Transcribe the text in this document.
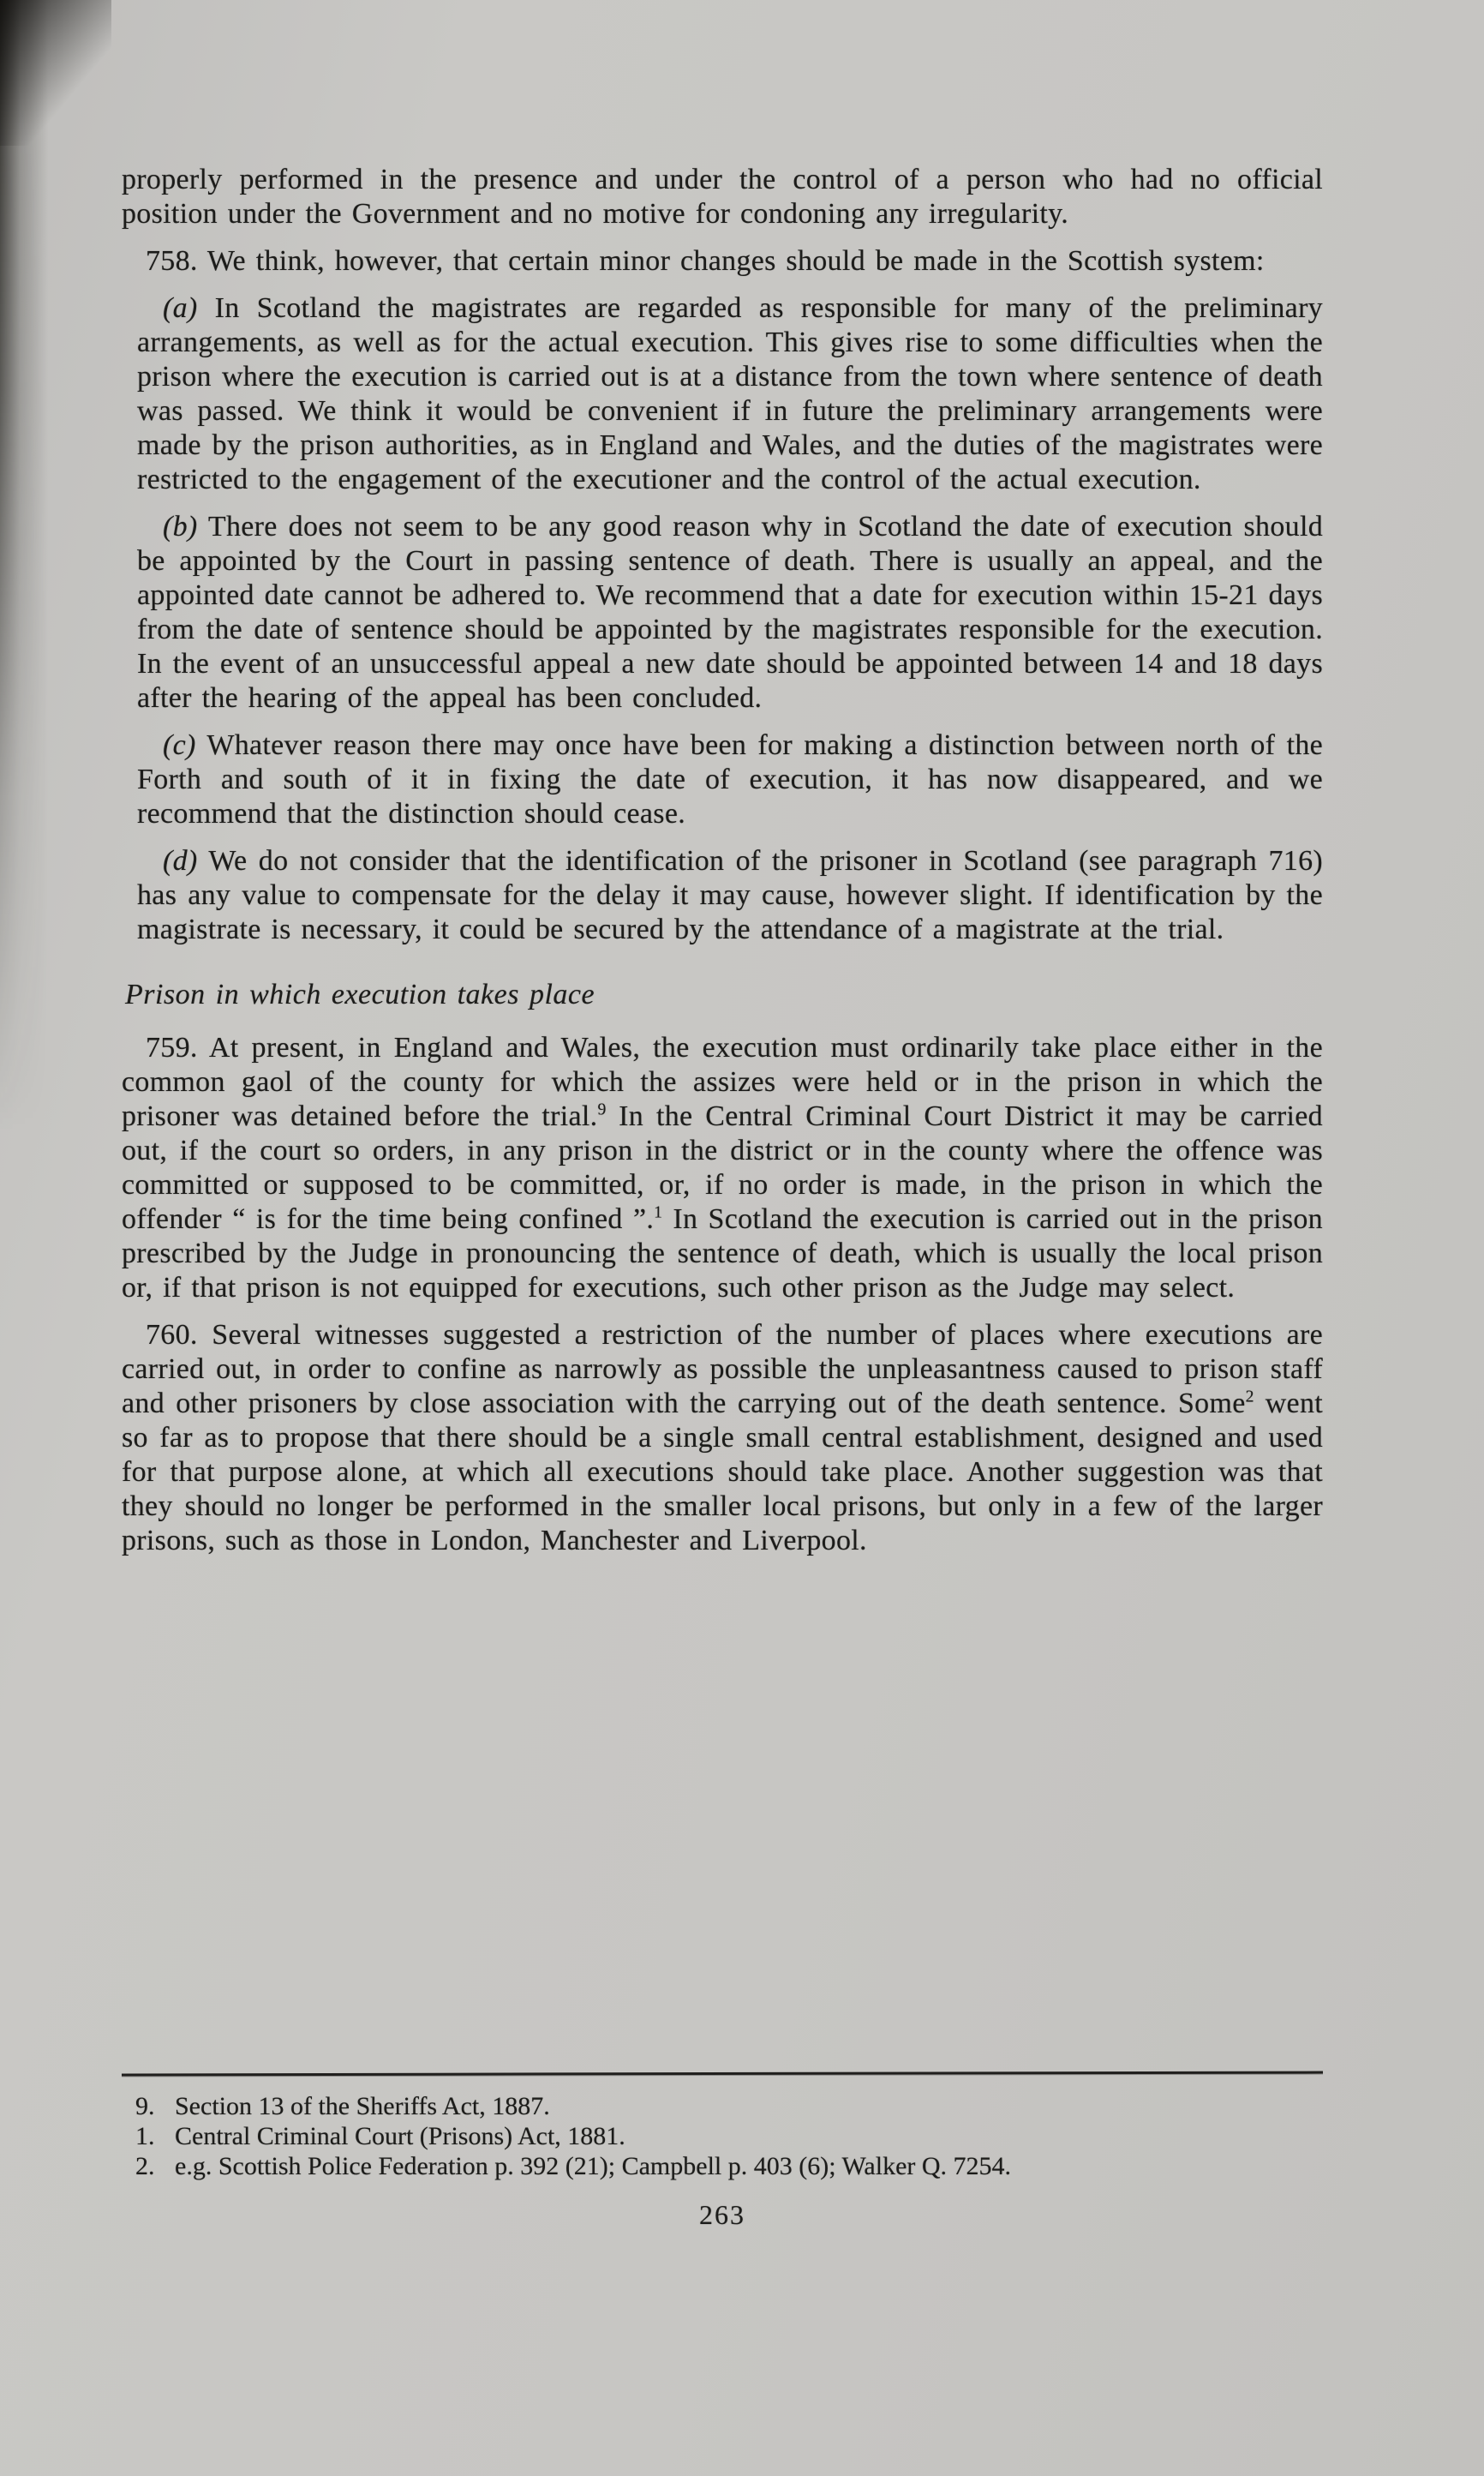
properly performed in the presence and under the control of a person who had no official position under the Government and no motive for condoning any irregularity.

758. We think, however, that certain minor changes should be made in the Scottish system:

(a) In Scotland the magistrates are regarded as responsible for many of the preliminary arrangements, as well as for the actual execution. This gives rise to some difficulties when the prison where the execution is carried out is at a distance from the town where sentence of death was passed. We think it would be convenient if in future the preliminary arrangements were made by the prison authorities, as in England and Wales, and the duties of the magistrates were restricted to the engagement of the executioner and the control of the actual execution.

(b) There does not seem to be any good reason why in Scotland the date of execution should be appointed by the Court in passing sentence of death. There is usually an appeal, and the appointed date cannot be adhered to. We recommend that a date for execution within 15-21 days from the date of sentence should be appointed by the magistrates responsible for the execution. In the event of an unsuccessful appeal a new date should be appointed between 14 and 18 days after the hearing of the appeal has been concluded.

(c) Whatever reason there may once have been for making a distinction between north of the Forth and south of it in fixing the date of execution, it has now disappeared, and we recommend that the distinction should cease.

(d) We do not consider that the identification of the prisoner in Scotland (see paragraph 716) has any value to compensate for the delay it may cause, however slight. If identification by the magistrate is necessary, it could be secured by the attendance of a magistrate at the trial.

Prison in which execution takes place

759. At present, in England and Wales, the execution must ordinarily take place either in the common gaol of the county for which the assizes were held or in the prison in which the prisoner was detained before the trial.$^9$ In the Central Criminal Court District it may be carried out, if the court so orders, in any prison in the district or in the county where the offence was committed or supposed to be committed, or, if no order is made, in the prison in which the offender “ is for the time being confined ”.$^1$ In Scotland the execution is carried out in the prison prescribed by the Judge in pronouncing the sentence of death, which is usually the local prison or, if that prison is not equipped for executions, such other prison as the Judge may select.

760. Several witnesses suggested a restriction of the number of places where executions are carried out, in order to confine as narrowly as possible the unpleasantness caused to prison staff and other prisoners by close association with the carrying out of the death sentence. Some$^2$ went so far as to propose that there should be a single small central establishment, designed and used for that purpose alone, at which all executions should take place. Another suggestion was that they should no longer be performed in the smaller local prisons, but only in a few of the larger prisons, such as those in London, Manchester and Liverpool.

9. Section 13 of the Sheriffs Act, 1887.

1. Central Criminal Court (Prisons) Act, 1881.

2. e.g. Scottish Police Federation p. 392 (21); Campbell p. 403 (6); Walker Q. 7254.

263
